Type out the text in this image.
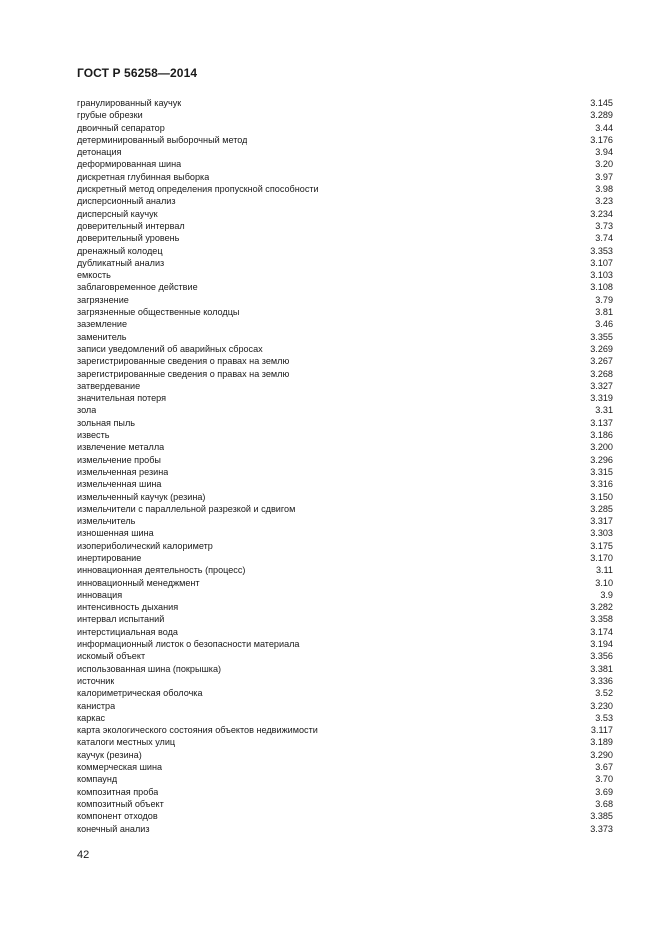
ГОСТ Р 56258—2014
гранулированный каучук	3.145
грубые обрезки	3.289
двоичный сепаратор	3.44
детерминированный выборочный метод	3.176
детонация	3.94
деформированная шина	3.20
дискретная глубинная выборка	3.97
дискретный метод определения пропускной способности	3.98
дисперсионный анализ	3.23
дисперсный каучук	3.234
доверительный интервал	3.73
доверительный уровень	3.74
дренажный колодец	3.353
дубликатный анализ	3.107
емкость	3.103
заблаговременное действие	3.108
загрязнение	3.79
загрязненные общественные колодцы	3.81
заземление	3.46
заменитель	3.355
записи уведомлений об аварийных сбросах	3.269
зарегистрированные сведения о правах на землю	3.267
зарегистрированные сведения о правах на землю	3.268
затвердевание	3.327
значительная потеря	3.319
зола	3.31
зольная пыль	3.137
известь	3.186
извлечение металла	3.200
измельчение пробы	3.296
измельченная резина	3.315
измельченная шина	3.316
измельченный каучук (резина)	3.150
измельчители с параллельной разрезкой и сдвигом	3.285
измельчитель	3.317
изношенная шина	3.303
изопериболический калориметр	3.175
инертирование	3.170
инновационная деятельность (процесс)	3.11
инновационный менеджмент	3.10
инновация	3.9
интенсивность дыхания	3.282
интервал испытаний	3.358
интерстициальная вода	3.174
информационный листок о безопасности материала	3.194
искомый объект	3.356
использованная шина (покрышка)	3.381
источник	3.336
калориметрическая оболочка	3.52
канистра	3.230
каркас	3.53
карта экологического состояния объектов недвижимости	3.117
каталоги местных улиц	3.189
каучук (резина)	3.290
коммерческая шина	3.67
компаунд	3.70
композитная проба	3.69
композитный объект	3.68
компонент отходов	3.385
конечный анализ	3.373
42
